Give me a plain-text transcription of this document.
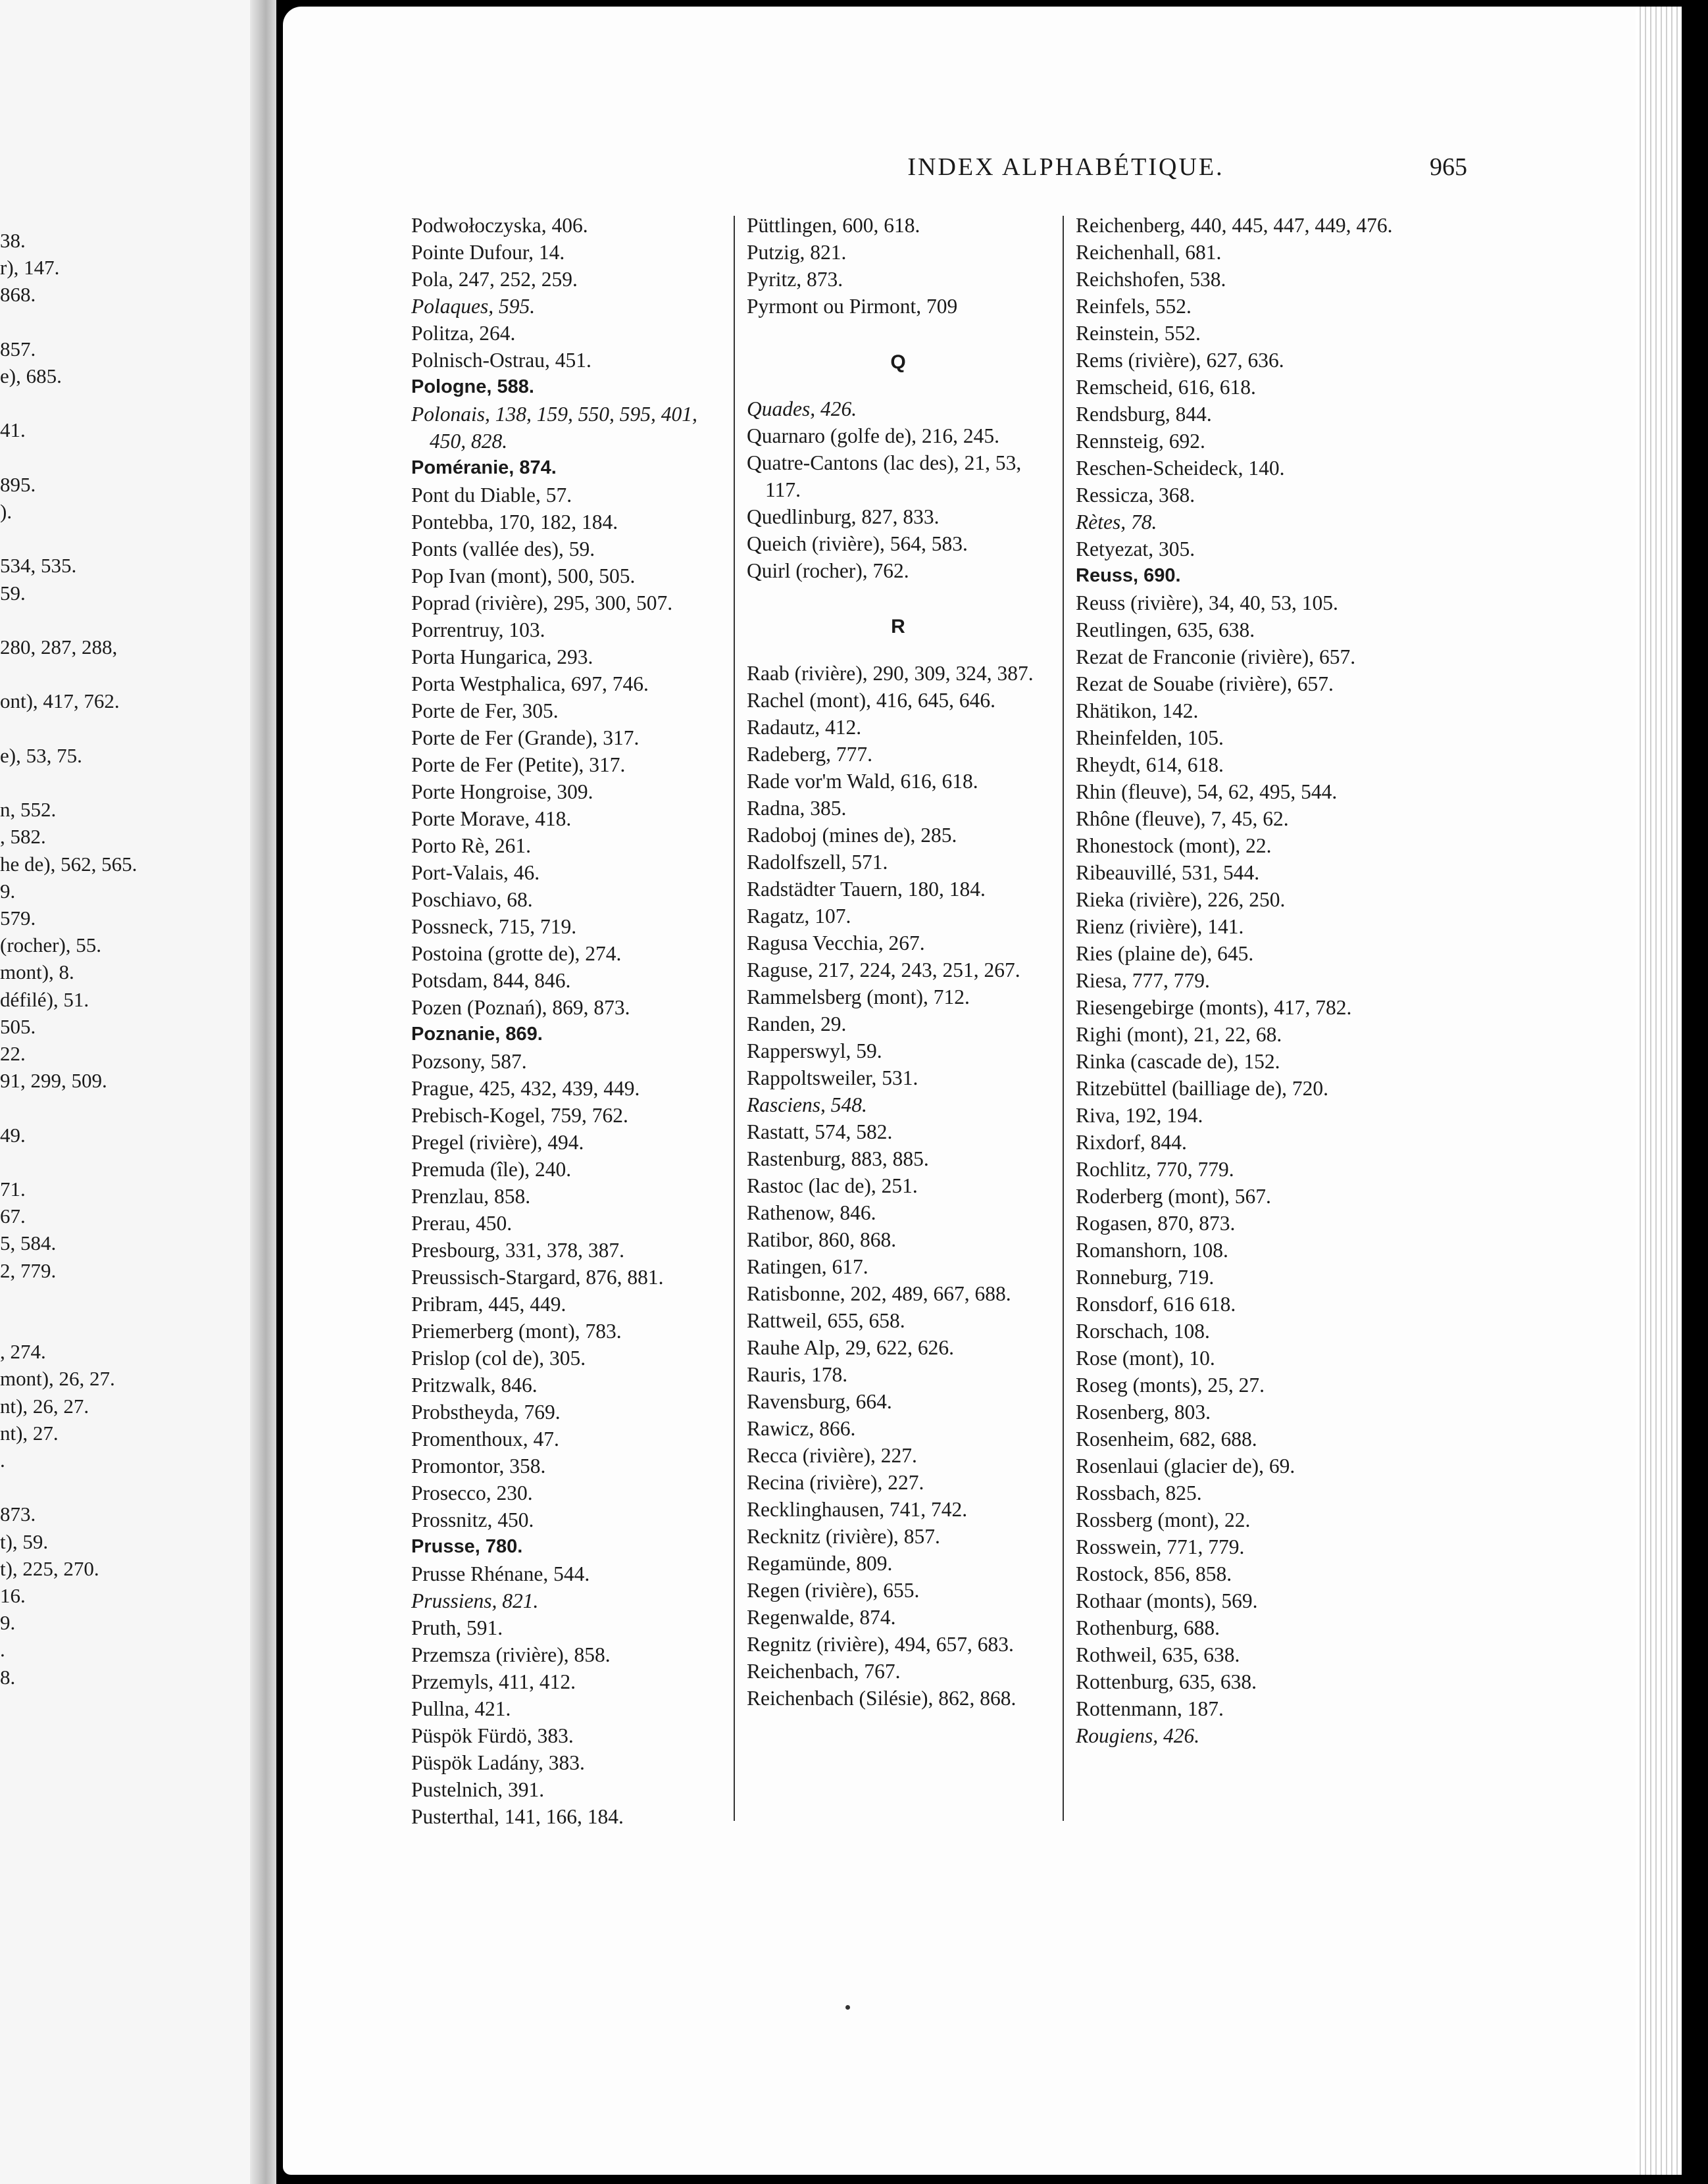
38.
r), 147.
868.
857.
e), 685.
41.
895.
).
534, 535.
59.
280, 287, 288,
ont), 417, 762.
e), 53, 75.
n, 552.
, 582.
he de), 562, 565.
9.
579.
(rocher), 55.
mont), 8.
défilé), 51.
505.
22.
91, 299, 509.
49.
71.
67.
5, 584.
2, 779.
, 274.
mont), 26, 27.
nt), 26, 27.
nt), 27.
.
873.
t), 59.
t), 225, 270.
16.
9.
.
8.
INDEX ALPHABÉTIQUE.	965
Podwołoczyska, 406.
Pointe Dufour, 14.
Pola, 247, 252, 259.
Polaques, 595.
Politza, 264.
Polnisch-Ostrau, 451.
Pologne, 588.
Polonais, 138, 159, 550, 595, 401, 450, 828.
Poméranie, 874.
Pont du Diable, 57.
Pontebba, 170, 182, 184.
Ponts (vallée des), 59.
Pop Ivan (mont), 500, 505.
Poprad (rivière), 295, 300, 507.
Porrentruy, 103.
Porta Hungarica, 293.
Porta Westphalica, 697, 746.
Porte de Fer, 305.
Porte de Fer (Grande), 317.
Porte de Fer (Petite), 317.
Porte Hongroise, 309.
Porte Morave, 418.
Porto Rè, 261.
Port-Valais, 46.
Poschiavo, 68.
Possneck, 715, 719.
Postoina (grotte de), 274.
Potsdam, 844, 846.
Pozen (Poznań), 869, 873.
Poznanie, 869.
Pozsony, 587.
Prague, 425, 432, 439, 449.
Prebisch-Kogel, 759, 762.
Pregel (rivière), 494.
Premuda (île), 240.
Prenzlau, 858.
Prerau, 450.
Presbourg, 331, 378, 387.
Preussisch-Stargard, 876, 881.
Pribram, 445, 449.
Priemerberg (mont), 783.
Prislop (col de), 305.
Pritzwalk, 846.
Probstheyda, 769.
Promenthoux, 47.
Promontor, 358.
Prosecco, 230.
Prossnitz, 450.
Prusse, 780.
Prusse Rhénane, 544.
Prussiens, 821.
Pruth, 591.
Przemsza (rivière), 858.
Przemyls, 411, 412.
Pullna, 421.
Püspök Fürdö, 383.
Püspök Ladány, 383.
Pustelnich, 391.
Pusterthal, 141, 166, 184.
Püttlingen, 600, 618.
Putzig, 821.
Pyritz, 873.
Pyrmont ou Pirmont, 709
Q
Quades, 426.
Quarnaro (golfe de), 216, 245.
Quatre-Cantons (lac des), 21, 53, 117.
Quedlinburg, 827, 833.
Queich (rivière), 564, 583.
Quirl (rocher), 762.
R
Raab (rivière), 290, 309, 324, 387.
Rachel (mont), 416, 645, 646.
Radautz, 412.
Radeberg, 777.
Rade vor'm Wald, 616, 618.
Radna, 385.
Radoboj (mines de), 285.
Radolfszell, 571.
Radstädter Tauern, 180, 184.
Ragatz, 107.
Ragusa Vecchia, 267.
Raguse, 217, 224, 243, 251, 267.
Rammelsberg (mont), 712.
Randen, 29.
Rapperswyl, 59.
Rappoltsweiler, 531.
Rasciens, 548.
Rastatt, 574, 582.
Rastenburg, 883, 885.
Rastoc (lac de), 251.
Rathenow, 846.
Ratibor, 860, 868.
Ratingen, 617.
Ratisbonne, 202, 489, 667, 688.
Rattweil, 655, 658.
Rauhe Alp, 29, 622, 626.
Rauris, 178.
Ravensburg, 664.
Rawicz, 866.
Recca (rivière), 227.
Recina (rivière), 227.
Recklinghausen, 741, 742.
Recknitz (rivière), 857.
Regamünde, 809.
Regen (rivière), 655.
Regenwalde, 874.
Regnitz (rivière), 494, 657, 683.
Reichenbach, 767.
Reichenbach (Silésie), 862, 868.
Reichenberg, 440, 445, 447, 449, 476.
Reichenhall, 681.
Reichshofen, 538.
Reinfels, 552.
Reinstein, 552.
Rems (rivière), 627, 636.
Remscheid, 616, 618.
Rendsburg, 844.
Rennsteig, 692.
Reschen-Scheideck, 140.
Ressicza, 368.
Rètes, 78.
Retyezat, 305.
Reuss, 690.
Reuss (rivière), 34, 40, 53, 105.
Reutlingen, 635, 638.
Rezat de Franconie (rivière), 657.
Rezat de Souabe (rivière), 657.
Rhätikon, 142.
Rheinfelden, 105.
Rheydt, 614, 618.
Rhin (fleuve), 54, 62, 495, 544.
Rhône (fleuve), 7, 45, 62.
Rhonestock (mont), 22.
Ribeauvillé, 531, 544.
Rieka (rivière), 226, 250.
Rienz (rivière), 141.
Ries (plaine de), 645.
Riesa, 777, 779.
Riesengebirge (monts), 417, 782.
Righi (mont), 21, 22, 68.
Rinka (cascade de), 152.
Ritzebüttel (bailliage de), 720.
Riva, 192, 194.
Rixdorf, 844.
Rochlitz, 770, 779.
Roderberg (mont), 567.
Rogasen, 870, 873.
Romanshorn, 108.
Ronneburg, 719.
Ronsdorf, 616 618.
Rorschach, 108.
Rose (mont), 10.
Roseg (monts), 25, 27.
Rosenberg, 803.
Rosenheim, 682, 688.
Rosenlaui (glacier de), 69.
Rossbach, 825.
Rossberg (mont), 22.
Rosswein, 771, 779.
Rostock, 856, 858.
Rothaar (monts), 569.
Rothenburg, 688.
Rothweil, 635, 638.
Rottenburg, 635, 638.
Rottenmann, 187.
Rougiens, 426.
